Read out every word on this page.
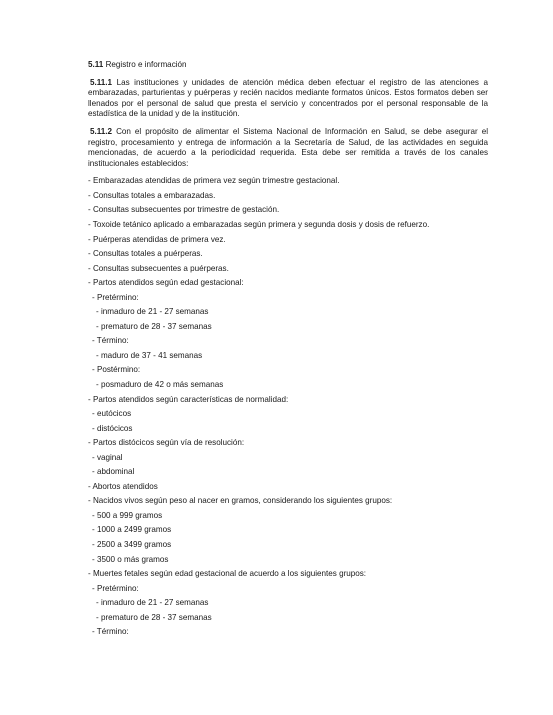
5.11 Registro e información
5.11.1 Las instituciones y unidades de atención médica deben efectuar el registro de las atenciones a embarazadas, parturientas y puérperas y recién nacidos mediante formatos únicos. Estos formatos deben ser llenados por el personal de salud que presta el servicio y concentrados por el personal responsable de la estadística de la unidad y de la institución.
5.11.2 Con el propósito de alimentar el Sistema Nacional de Información en Salud, se debe asegurar el registro, procesamiento y entrega de información a la Secretaría de Salud, de las actividades en seguida mencionadas, de acuerdo a la periodicidad requerida. Esta debe ser remitida a través de los canales institucionales establecidos:
- Embarazadas atendidas de primera vez según trimestre gestacional.
- Consultas totales a embarazadas.
- Consultas subsecuentes por trimestre de gestación.
- Toxoide tetánico aplicado a embarazadas según primera y segunda dosis y dosis de refuerzo.
- Puérperas atendidas de primera vez.
- Consultas totales a puérperas.
- Consultas subsecuentes a puérperas.
- Partos atendidos según edad gestacional:
- Pretérmino:
- inmaduro de 21 - 27 semanas
- prematuro de 28 - 37 semanas
- Término:
- maduro de 37 - 41 semanas
- Postérmino:
- posmaduro de 42 o más semanas
- Partos atendidos según características de normalidad:
- eutócicos
- distócicos
- Partos distócicos según vía de resolución:
- vaginal
- abdominal
- Abortos atendidos
- Nacidos vivos según peso al nacer en gramos, considerando los siguientes grupos:
- 500 a 999 gramos
- 1000 a 2499 gramos
- 2500 a 3499 gramos
- 3500 o más gramos
- Muertes fetales según edad gestacional de acuerdo a los siguientes grupos:
- Pretérmino:
- inmaduro de 21 - 27 semanas
- prematuro de 28 - 37 semanas
- Término:
